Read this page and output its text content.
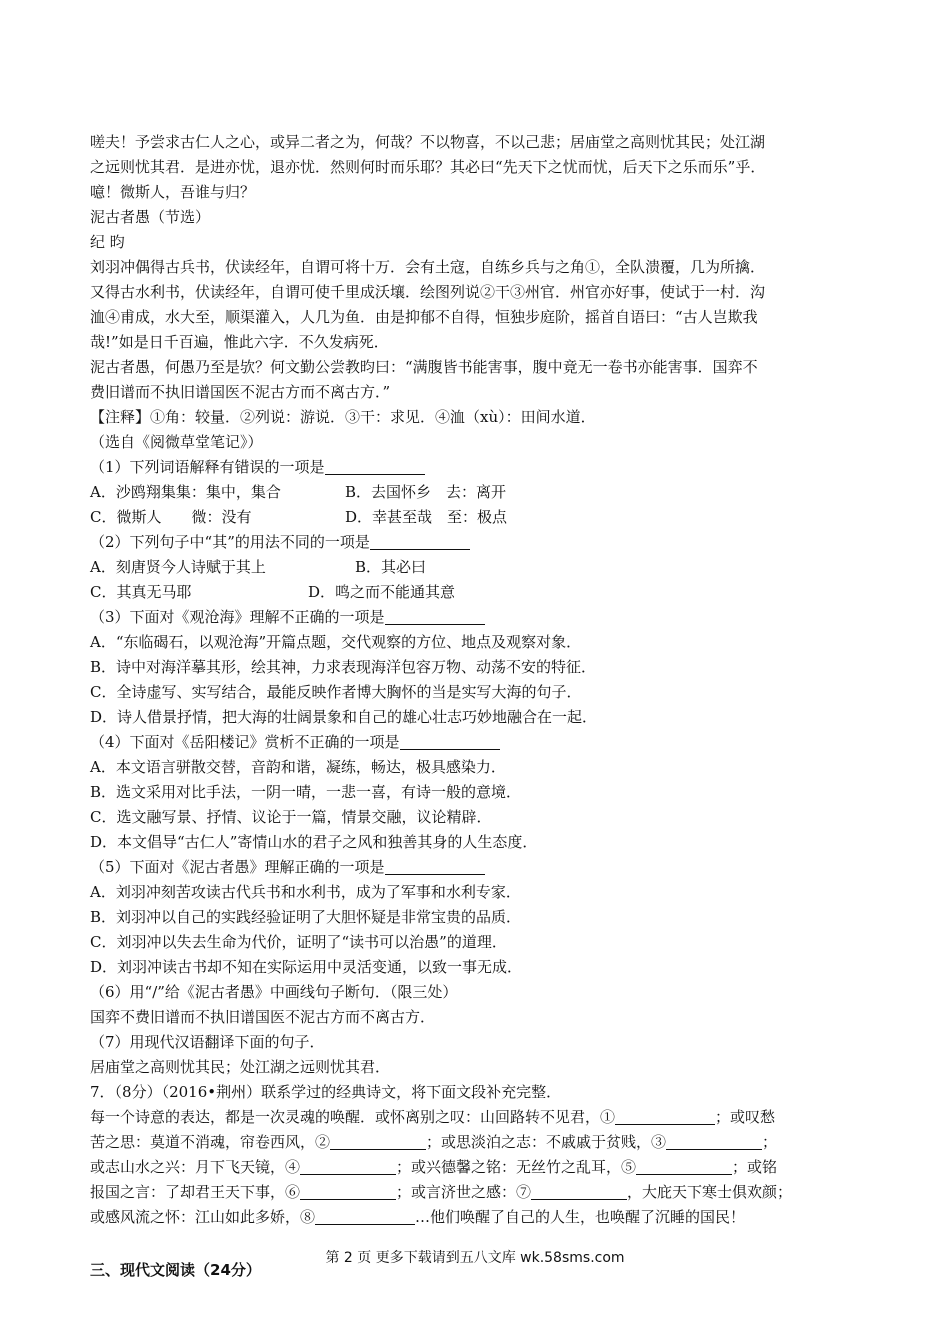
嗟夫！予尝求古仁人之心，或异二者之为，何哉？不以物喜，不以己悲；居庙堂之高则忧其民；处江湖

之远则忧其君．是进亦忧，退亦忧．然则何时而乐耶？其必曰“先天下之忧而忧，后天下之乐而乐”乎．

噫！微斯人，吾谁与归？

泥古者愚（节选）

纪 昀

刘羽冲偶得古兵书，伏读经年，自谓可将十万．会有土寇，自练乡兵与之角①，全队溃覆，几为所擒．

又得古水利书，伏读经年，自谓可使千里成沃壤．绘图列说②干③州官．州官亦好事，使试于一村．沟

洫④甫成，水大至，顺渠灌入，人几为鱼．由是抑郁不自得，恒独步庭阶，摇首自语曰：“古人岂欺我

哉!”如是日千百遍，惟此六字．不久发病死．

泥古者愚，何愚乃至是欤？何文勤公尝教昀曰：“满腹皆书能害事，腹中竟无一卷书亦能害事．国弈不

费旧谱而不执旧谱国医不泥古方而不离古方．”

【注释】①角：较量．②列说：游说．③干：求见．④洫（xù）：田间水道．

（选自《阅微草堂笔记》）

（1）下列词语解释有错误的一项是

A．沙鸥翔集集：集中，集合	B．去国怀乡　去：离开
C．微斯人　　微：没有	D．幸甚至哉　至：极点

（2）下列句子中“其”的用法不同的一项是

A．刻唐贤今人诗赋于其上	B．其必曰
C．其真无马耶	D．鸣之而不能通其意

（3）下面对《观沧海》理解不正确的一项是

A．“东临碣石，以观沧海”开篇点题，交代观察的方位、地点及观察对象．

B．诗中对海洋摹其形，绘其神，力求表现海洋包容万物、动荡不安的特征．

C．全诗虚写、实写结合，最能反映作者博大胸怀的当是实写大海的句子．

D．诗人借景抒情，把大海的壮阔景象和自己的雄心壮志巧妙地融合在一起．

（4）下面对《岳阳楼记》赏析不正确的一项是

A．本文语言骈散交替，音韵和谐，凝练，畅达，极具感染力．

B．选文采用对比手法，一阴一晴，一悲一喜，有诗一般的意境．

C．选文融写景、抒情、议论于一篇，情景交融，议论精辟．

D．本文倡导“古仁人”寄情山水的君子之风和独善其身的人生态度．

（5）下面对《泥古者愚》理解正确的一项是

A．刘羽冲刻苦攻读古代兵书和水利书，成为了军事和水利专家．

B．刘羽冲以自己的实践经验证明了大胆怀疑是非常宝贵的品质．

C．刘羽冲以失去生命为代价，证明了“读书可以治愚”的道理．

D．刘羽冲读古书却不知在实际运用中灵活变通，以致一事无成．

（6）用“/”给《泥古者愚》中画线句子断句．（限三处）

国弈不费旧谱而不执旧谱国医不泥古方而不离古方．

（7）用现代汉语翻译下面的句子．

居庙堂之高则忧其民；处江湖之远则忧其君．

7．（8分）（2016•荆州）联系学过的经典诗文，将下面文段补充完整．

每一个诗意的表达，都是一次灵魂的唤醒．或怀离别之叹：山回路转不见君，①	；或叹愁

苦之思：莫道不消魂，帘卷西风，②	；或思淡泊之志：不戚戚于贫贱，③	；

或志山水之兴：月下飞天镜，④	；或兴德馨之铭：无丝竹之乱耳，⑤	；或铭

报国之言：了却君王天下事，⑥	；或言济世之感：⑦	，大庇天下寒士俱欢颜；

或感风流之怀：江山如此多娇，⑧	…他们唤醒了自己的人生，也唤醒了沉睡的国民！

三、现代文阅读（24分）

第 2 页 更多下载请到五八文库 wk.58sms.com
